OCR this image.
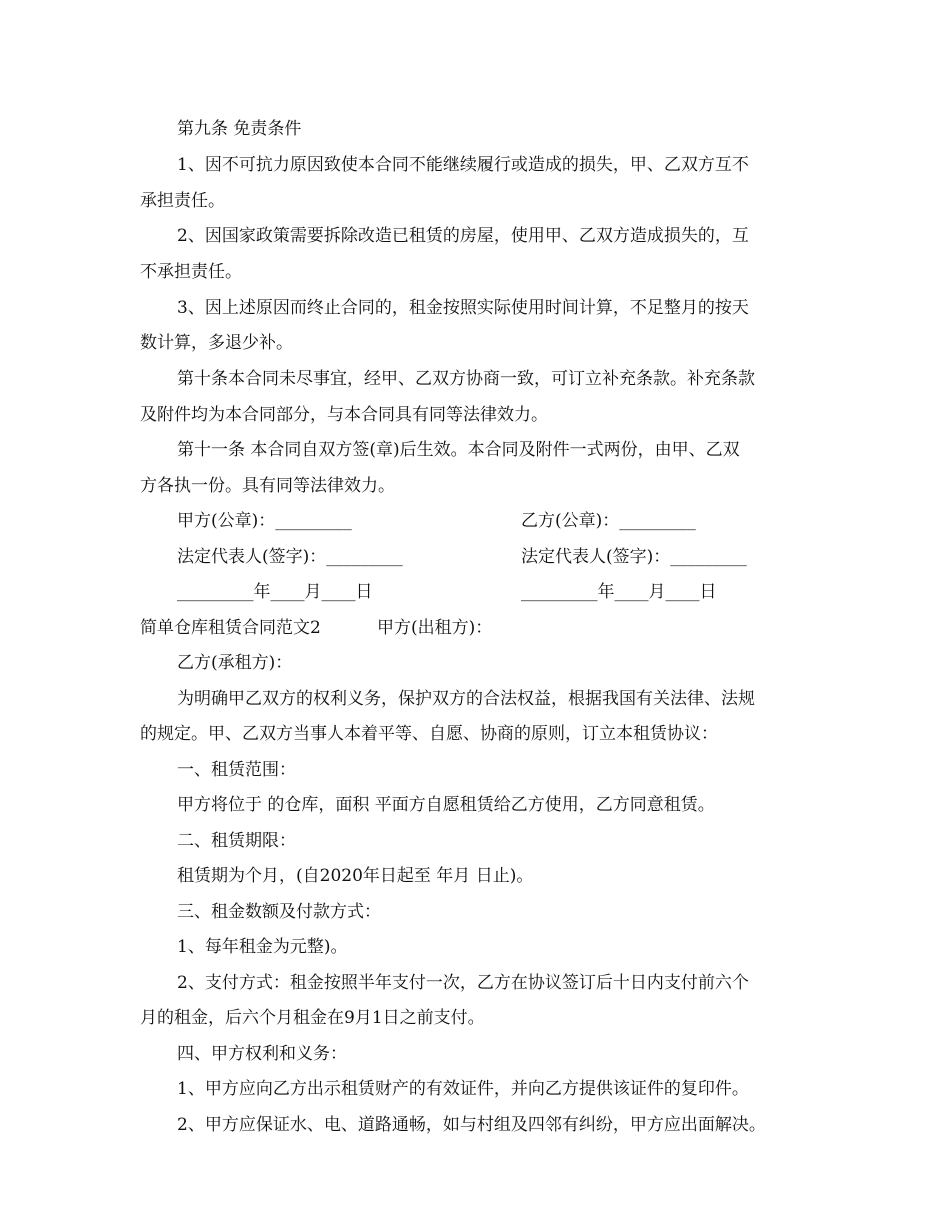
第九条 免责条件
1、因不可抗力原因致使本合同不能继续履行或造成的损失，甲、乙双方互不
承担责任。
2、因国家政策需要拆除改造已租赁的房屋，使用甲、乙双方造成损失的，互
不承担责任。
3、因上述原因而终止合同的，租金按照实际使用时间计算，不足整月的按天
数计算，多退少补。
第十条本合同未尽事宜，经甲、乙双方协商一致，可订立补充条款。补充条款
及附件均为本合同部分，与本合同具有同等法律效力。
第十一条 本合同自双方签(章)后生效。本合同及附件一式两份，由甲、乙双
方各执一份。具有同等法律效力。
甲方(公章)：_________	乙方(公章)：_________
法定代表人(签字)：_________	法定代表人(签字)：_________
_________年____月____日	_________年____月____日
简单仓库租赁合同范文2	甲方(出租方)：
乙方(承租方)：
为明确甲乙双方的权利义务，保护双方的合法权益，根据我国有关法律、法规
的规定。甲、乙双方当事人本着平等、自愿、协商的原则，订立本租赁协议：
一、租赁范围：
甲方将位于 的仓库，面积 平面方自愿租赁给乙方使用，乙方同意租赁。
二、租赁期限：
租赁期为个月，(自2020年日起至 年月 日止)。
三、租金数额及付款方式：
1、每年租金为元整)。
2、支付方式：租金按照半年支付一次，乙方在协议签订后十日内支付前六个
月的租金，后六个月租金在9月1日之前支付。
四、甲方权利和义务：
1、甲方应向乙方出示租赁财产的有效证件，并向乙方提供该证件的复印件。
2、甲方应保证水、电、道路通畅，如与村组及四邻有纠纷，甲方应出面解决。
